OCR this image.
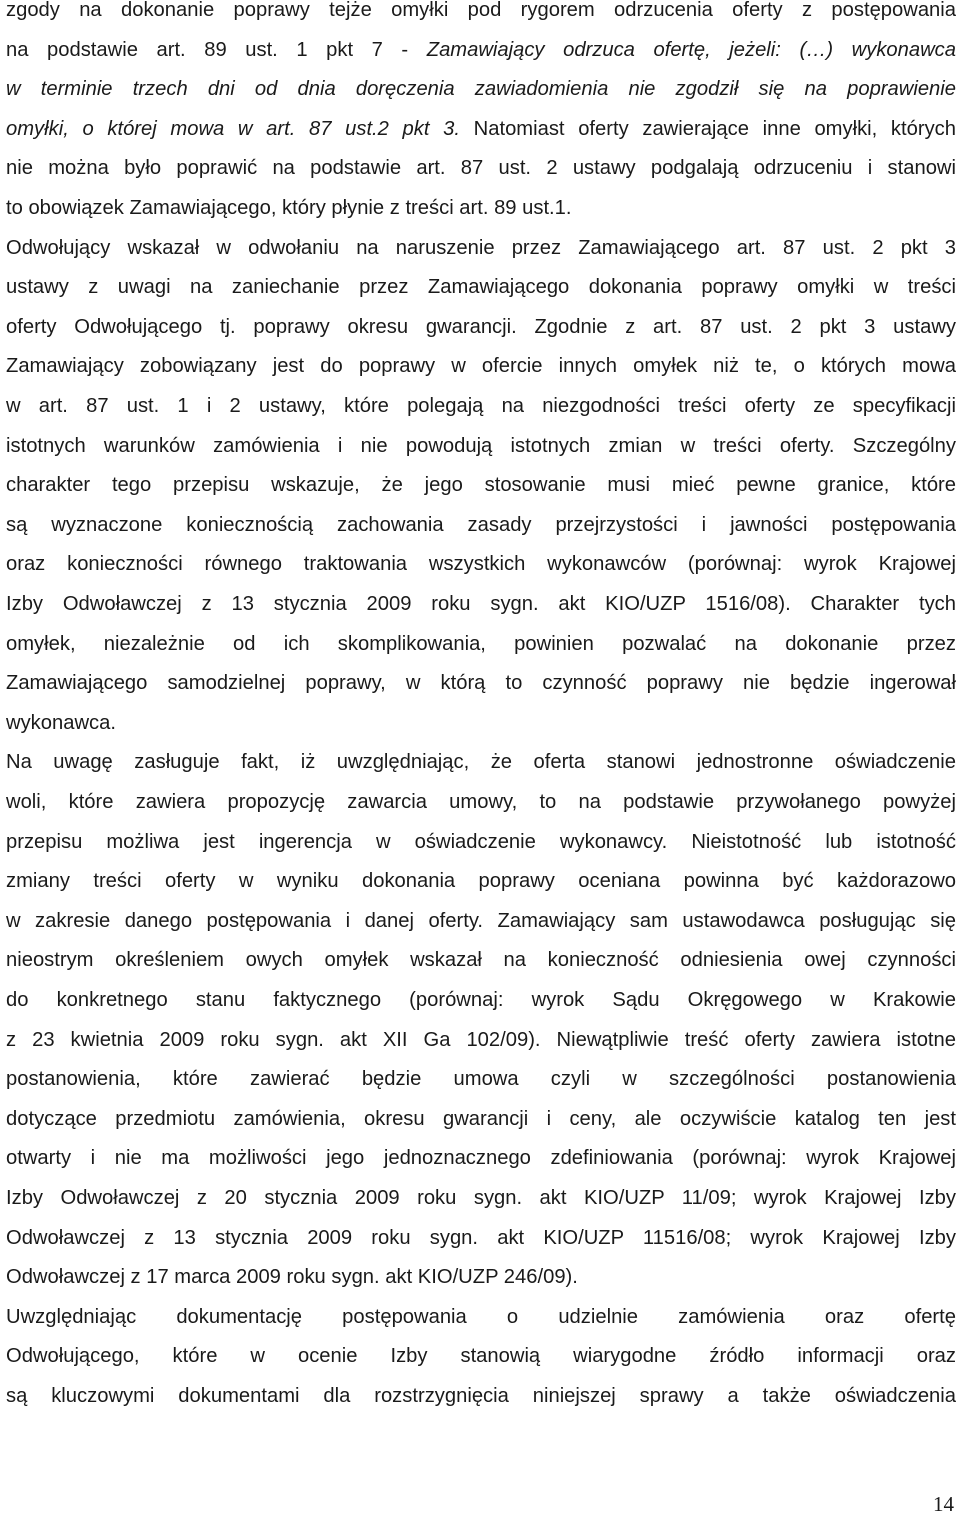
zgody na dokonanie poprawy tejże omyłki pod rygorem odrzucenia oferty z postępowania
na podstawie art. 89 ust. 1 pkt 7 - Zamawiający odrzuca ofertę, jeżeli: (…) wykonawca
w terminie trzech dni od dnia doręczenia zawiadomienia nie zgodził się na poprawienie
omyłki, o której mowa w art. 87 ust.2 pkt 3. Natomiast oferty zawierające inne omyłki, których
nie można było poprawić na podstawie art. 87 ust. 2 ustawy podgalają odrzuceniu i stanowi
to obowiązek Zamawiającego, który płynie z treści art. 89 ust.1.
Odwołujący wskazał w odwołaniu na naruszenie przez Zamawiającego art. 87 ust. 2 pkt 3
ustawy z uwagi na zaniechanie przez Zamawiającego dokonania poprawy omyłki w treści
oferty Odwołującego tj. poprawy okresu gwarancji. Zgodnie z art. 87 ust. 2 pkt 3 ustawy
Zamawiający zobowiązany jest do poprawy w ofercie innych omyłek niż te, o których mowa
w art. 87 ust. 1 i 2 ustawy, które polegają na niezgodności treści oferty ze specyfikacji
istotnych warunków zamówienia i nie powodują istotnych zmian w treści oferty. Szczególny
charakter tego przepisu wskazuje, że jego stosowanie musi mieć pewne granice, które
są wyznaczone koniecznością zachowania zasady przejrzystości i jawności postępowania
oraz konieczności równego traktowania wszystkich wykonawców (porównaj: wyrok Krajowej
Izby Odwoławczej z 13 stycznia 2009 roku sygn. akt KIO/UZP 1516/08). Charakter tych
omyłek, niezależnie od ich skomplikowania, powinien pozwalać na dokonanie przez
Zamawiającego samodzielnej poprawy, w którą to czynność poprawy nie będzie ingerował
wykonawca.
Na uwagę zasługuje fakt, iż uwzględniając, że oferta stanowi jednostronne oświadczenie
woli, które zawiera propozycję zawarcia umowy, to na podstawie przywołanego powyżej
przepisu możliwa jest ingerencja w oświadczenie wykonawcy. Nieistotność lub istotność
zmiany treści oferty w wyniku dokonania poprawy oceniana powinna być każdorazowo
w zakresie danego postępowania i danej oferty. Zamawiający sam ustawodawca posługując się
nieostrym określeniem owych omyłek wskazał na konieczność odniesienia owej czynności
do konkretnego stanu faktycznego (porównaj: wyrok Sądu Okręgowego w Krakowie
z 23 kwietnia 2009 roku sygn. akt XII Ga 102/09). Niewątpliwie treść oferty zawiera istotne
postanowienia, które zawierać będzie umowa czyli w szczególności postanowienia
dotyczące przedmiotu zamówienia, okresu gwarancji i ceny, ale oczywiście katalog ten jest
otwarty i nie ma możliwości jego jednoznacznego zdefiniowania (porównaj: wyrok Krajowej
Izby Odwoławczej z 20 stycznia 2009 roku sygn. akt KIO/UZP 11/09; wyrok Krajowej Izby
Odwoławczej z 13 stycznia 2009 roku sygn. akt KIO/UZP 11516/08; wyrok Krajowej Izby
Odwoławczej z 17 marca 2009 roku sygn. akt KIO/UZP 246/09).
Uwzględniając dokumentację postępowania o udzielnie zamówienia oraz ofertę
Odwołującego, które w ocenie Izby stanowią wiarygodne źródło informacji oraz
są kluczowymi dokumentami dla rozstrzygnięcia niniejszej sprawy a także oświadczenia
14
